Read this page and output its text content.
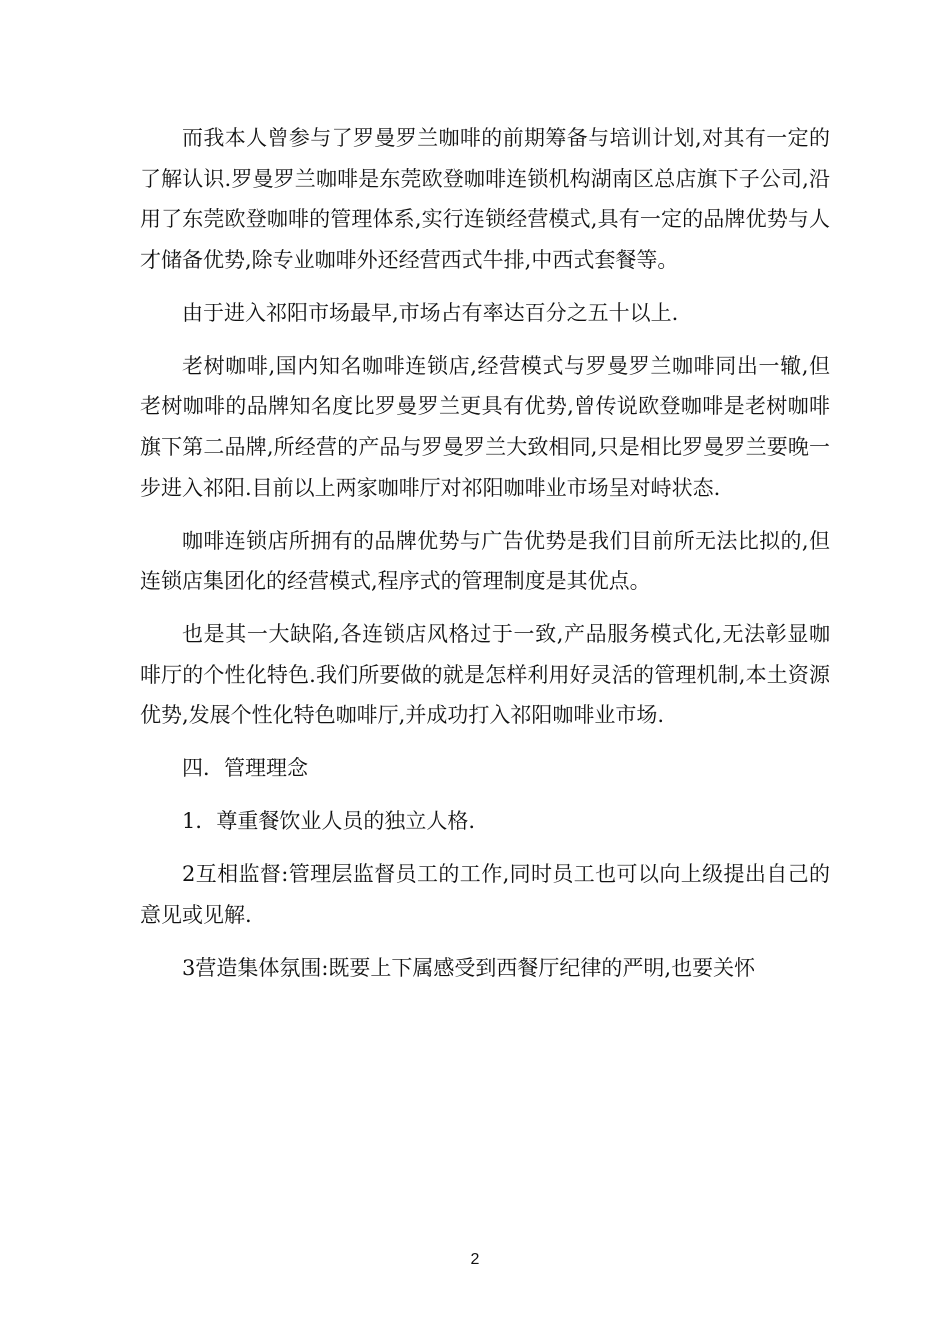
而我本人曾参与了罗曼罗兰咖啡的前期筹备与培训计划,对其有一定的了解认识.罗曼罗兰咖啡是东莞欧登咖啡连锁机构湖南区总店旗下子公司,沿用了东莞欧登咖啡的管理体系,实行连锁经营模式,具有一定的品牌优势与人才储备优势,除专业咖啡外还经营西式牛排,中西式套餐等。

由于进入祁阳市场最早,市场占有率达百分之五十以上.

老树咖啡,国内知名咖啡连锁店,经营模式与罗曼罗兰咖啡同出一辙,但老树咖啡的品牌知名度比罗曼罗兰更具有优势,曾传说欧登咖啡是老树咖啡旗下第二品牌,所经营的产品与罗曼罗兰大致相同,只是相比罗曼罗兰要晚一步进入祁阳.目前以上两家咖啡厅对祁阳咖啡业市场呈对峙状态.

咖啡连锁店所拥有的品牌优势与广告优势是我们目前所无法比拟的,但连锁店集团化的经营模式,程序式的管理制度是其优点。

也是其一大缺陷,各连锁店风格过于一致,产品服务模式化,无法彰显咖啡厅的个性化特色.我们所要做的就是怎样利用好灵活的管理机制,本土资源优势,发展个性化特色咖啡厅,并成功打入祁阳咖啡业市场.

四．管理理念

1．尊重餐饮业人员的独立人格.

2互相监督:管理层监督员工的工作,同时员工也可以向上级提出自己的意见或见解.

3营造集体氛围:既要上下属感受到西餐厅纪律的严明,也要关怀

2
